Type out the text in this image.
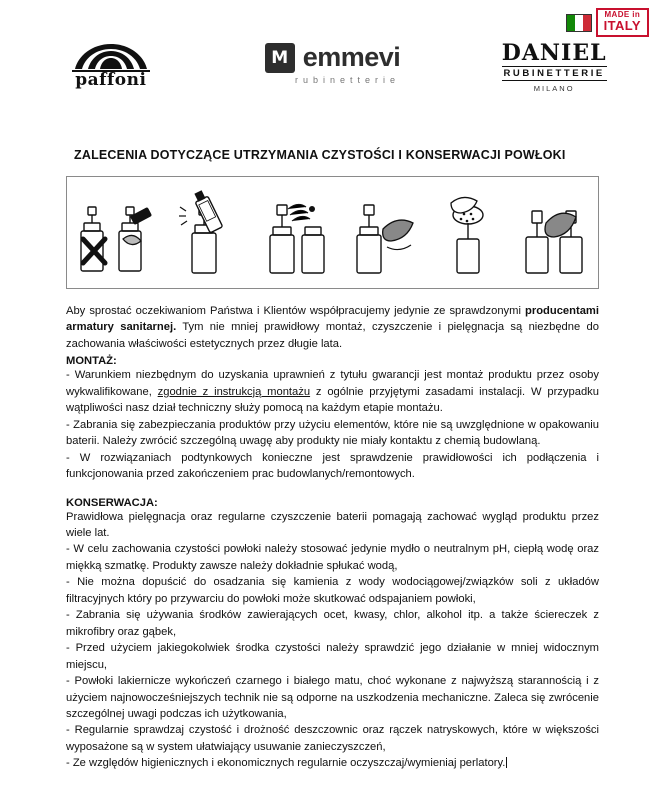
MADE in
ITALY
paffoni
M emmevi
rubinetterie
DANIEL
RUBINETTERIE
MILANO
ZALECENIA DOTYCZĄCE UTRZYMANIA CZYSTOŚCI I KONSERWACJI POWŁOKI

Aby sprostać oczekiwaniom Państwa i Klientów współpracujemy jedynie ze sprawdzonymi producentami armatury sanitarnej. Tym nie mniej prawidłowy montaż, czyszczenie i pielęgnacja są niezbędne do zachowania właściwości estetycznych przez długie lata.

MONTAŻ:

- Warunkiem niezbędnym do uzyskania uprawnień z tytułu gwarancji jest montaż produktu przez osoby wykwalifikowane, zgodnie z instrukcją montażu z ogólnie przyjętymi zasadami instalacji. W przypadku wątpliwości nasz dział techniczny służy pomocą na każdym etapie montażu.

- Zabrania się zabezpieczania produktów przy użyciu elementów, które nie są uwzględnione w opakowaniu baterii. Należy zwrócić szczególną uwagę aby produkty nie miały kontaktu z chemią budowlaną.

- W rozwiązaniach podtynkowych konieczne jest sprawdzenie prawidłowości ich podłączenia i funkcjonowania przed zakończeniem prac budowlanych/remontowych.

KONSERWACJA:

Prawidłowa pielęgnacja oraz regularne czyszczenie baterii pomagają zachować wygląd produktu przez wiele lat.

- W celu zachowania czystości powłoki należy stosować jedynie mydło o neutralnym pH, ciepłą wodę oraz miękką szmatkę. Produkty zawsze należy dokładnie spłukać wodą,

- Nie można dopuścić do osadzania się kamienia z wody wodociągowej/związków soli z układów filtracyjnych który po przywarciu do powłoki może skutkować odspajaniem powłoki,

- Zabrania się używania środków zawierających ocet, kwasy, chlor, alkohol itp. a także ściereczek z mikrofibry oraz gąbek,

- Przed użyciem jakiegokolwiek środka czystości należy sprawdzić jego działanie w mniej widocznym miejscu,

- Powłoki lakiernicze wykończeń czarnego i białego matu, choć wykonane z najwyższą starannością i z użyciem najnowocześniejszych technik nie są odporne na uszkodzenia mechaniczne. Zaleca się zwrócenie szczególnej uwagi podczas ich użytkowania,

- Regularnie sprawdzaj czystość i drożność deszczownic oraz rączek natryskowych, które w większości wyposażone są w system ułatwiający usuwanie zanieczyszczeń,

- Ze względów higienicznych i ekonomicznych regularnie oczyszczaj/wymieniaj perlatory.
